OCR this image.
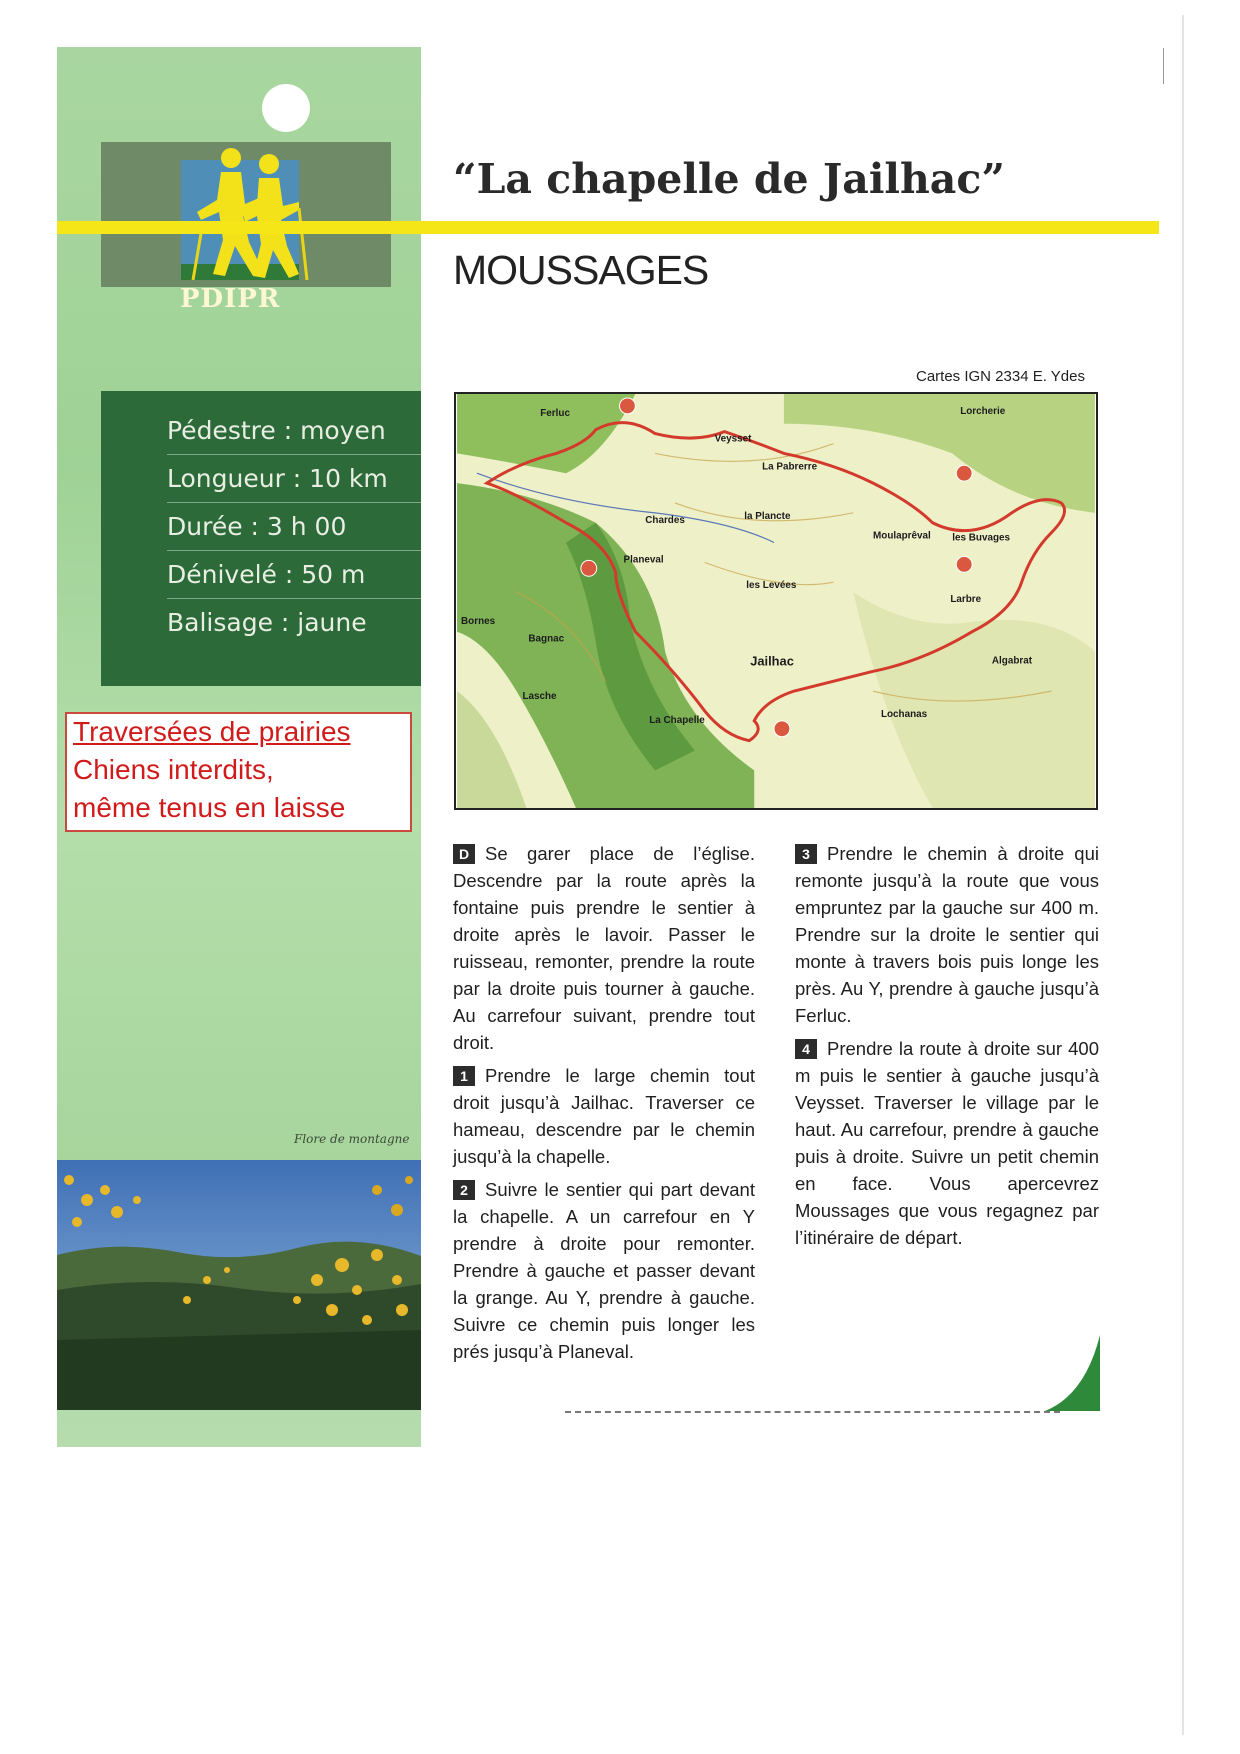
PDIPR
“La chapelle de Jailhac”
MOUSSAGES
Pédestre : moyen
Longueur : 10 km
Durée : 3 h 00
Dénivelé : 50 m
Balisage : jaune
Traversées de prairies
Chiens interdits,
même tenus en laisse
Flore de montagne
Cartes IGN 2334 E. Ydes
Ferluc
Veysset
La Pabrerre
la Plancte
Chardes
Planeval
Bagnac
Bornes
les Levées
Jailhac
Moulaprêval les Buvages
Larbre
Lorcherie
Lochanas
Algabrat
Lasche
La Chapelle

D Se garer place de l’église. Descendre par la route après la fontaine puis prendre le sentier à droite après le lavoir. Passer le ruisseau, remonter, prendre la route par la droite puis tourner à gauche. Au carrefour suivant, prendre tout droit.

1 Prendre le large chemin tout droit jusqu’à Jailhac. Traverser ce hameau, descendre par le chemin jusqu’à la chapelle.

2 Suivre le sentier qui part devant la chapelle. A un carrefour en Y prendre à droite pour remonter. Prendre à gauche et passer devant la grange. Au Y, prendre à gauche. Suivre ce chemin puis longer les prés jusqu’à Planeval.

3 Prendre le chemin à droite qui remonte jusqu’à la route que vous empruntez par la gauche sur 400 m. Prendre sur la droite le sentier qui monte à travers bois puis longe les près. Au Y, prendre à gauche jusqu’à Ferluc.

4 Prendre la route à droite sur 400 m puis le sentier à gauche jusqu’à Veysset. Traverser le village par le haut. Au carrefour, prendre à gauche puis à droite. Suivre un petit chemin en face. Vous apercevrez Moussages que vous regagnez par l’itinéraire de départ.
